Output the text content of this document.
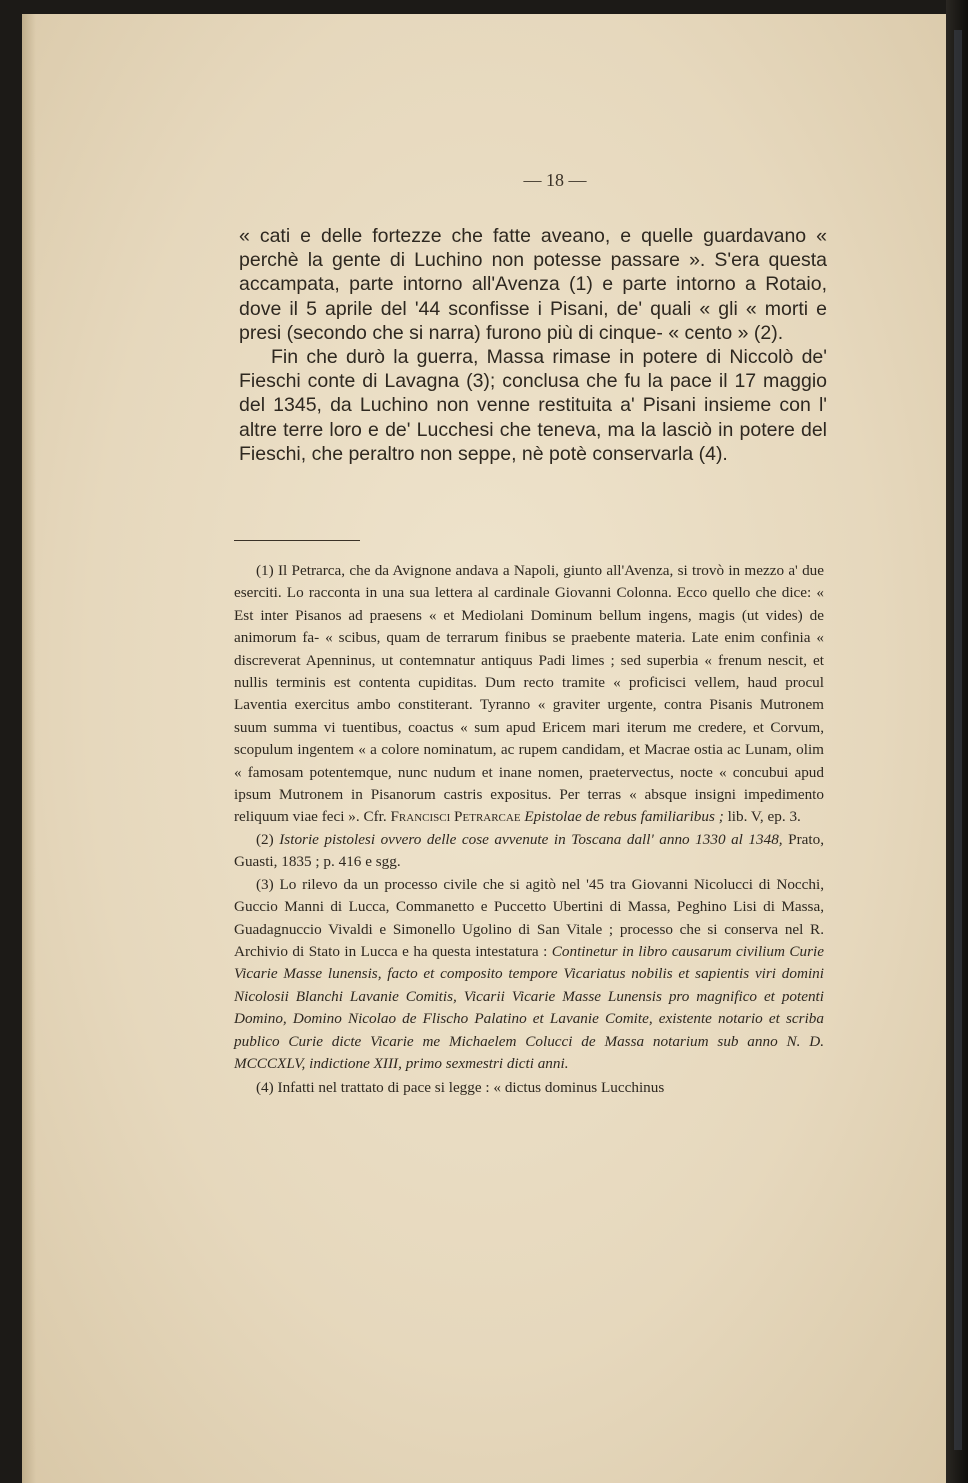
— 18 —

« cati e delle fortezze che fatte aveano, e quelle guardavano « perchè la gente di Luchino non potesse passare ». S'era questa accampata, parte intorno all'Avenza (1) e parte intorno a Rotaio, dove il 5 aprile del '44 sconfisse i Pisani, de' quali « gli « morti e presi (secondo che si narra) furono più di cinque- « cento » (2).

Fin che durò la guerra, Massa rimase in potere di Niccolò de' Fieschi conte di Lavagna (3); conclusa che fu la pace il 17 maggio del 1345, da Luchino non venne restituita a' Pisani insieme con l' altre terre loro e de' Lucchesi che teneva, ma la lasciò in potere del Fieschi, che peraltro non seppe, nè potè conservarla (4).

(1) Il Petrarca, che da Avignone andava a Napoli, giunto all'Avenza, si trovò in mezzo a' due eserciti. Lo racconta in una sua lettera al cardinale Giovanni Colonna. Ecco quello che dice: « Est inter Pisanos ad praesens « et Mediolani Dominum bellum ingens, magis (ut vides) de animorum fa- « scibus, quam de terrarum finibus se praebente materia. Late enim confinia « discreverat Apenninus, ut contemnatur antiquus Padi limes ; sed superbia « frenum nescit, et nullis terminis est contenta cupiditas. Dum recto tramite « proficisci vellem, haud procul Laventia exercitus ambo constiterant. Tyranno « graviter urgente, contra Pisanis Mutronem suum summa vi tuentibus, coactus « sum apud Ericem mari iterum me credere, et Corvum, scopulum ingentem « a colore nominatum, ac rupem candidam, et Macrae ostia ac Lunam, olim « famosam potentemque, nunc nudum et inane nomen, praetervectus, nocte « concubui apud ipsum Mutronem in Pisanorum castris expositus. Per terras « absque insigni impedimento reliquum viae feci ». Cfr. Francisci Petrarcae Epistolae de rebus familiaribus ; lib. V, ep. 3.

(2) Istorie pistolesi ovvero delle cose avvenute in Toscana dall' anno 1330 al 1348, Prato, Guasti, 1835 ; p. 416 e sgg.

(3) Lo rilevo da un processo civile che si agitò nel '45 tra Giovanni Nicolucci di Nocchi, Guccio Manni di Lucca, Commanetto e Puccetto Ubertini di Massa, Peghino Lisi di Massa, Guadagnuccio Vivaldi e Simonello Ugolino di San Vitale ; processo che si conserva nel R. Archivio di Stato in Lucca e ha questa intestatura : Continetur in libro causarum civilium Curie Vicarie Masse lunensis, facto et composito tempore Vicariatus nobilis et sapientis viri domini Nicolosii Blanchi Lavanie Comitis, Vicarii Vicarie Masse Lunensis pro magnifico et potenti Domino, Domino Nicolao de Flischo Palatino et Lavanie Comite, existente notario et scriba publico Curie dicte Vicarie me Michaelem Colucci de Massa notarium sub anno N. D. MCCCXLV, indictione XIII, primo sexmestri dicti anni.

(4) Infatti nel trattato di pace si legge : « dictus dominus Lucchinus
